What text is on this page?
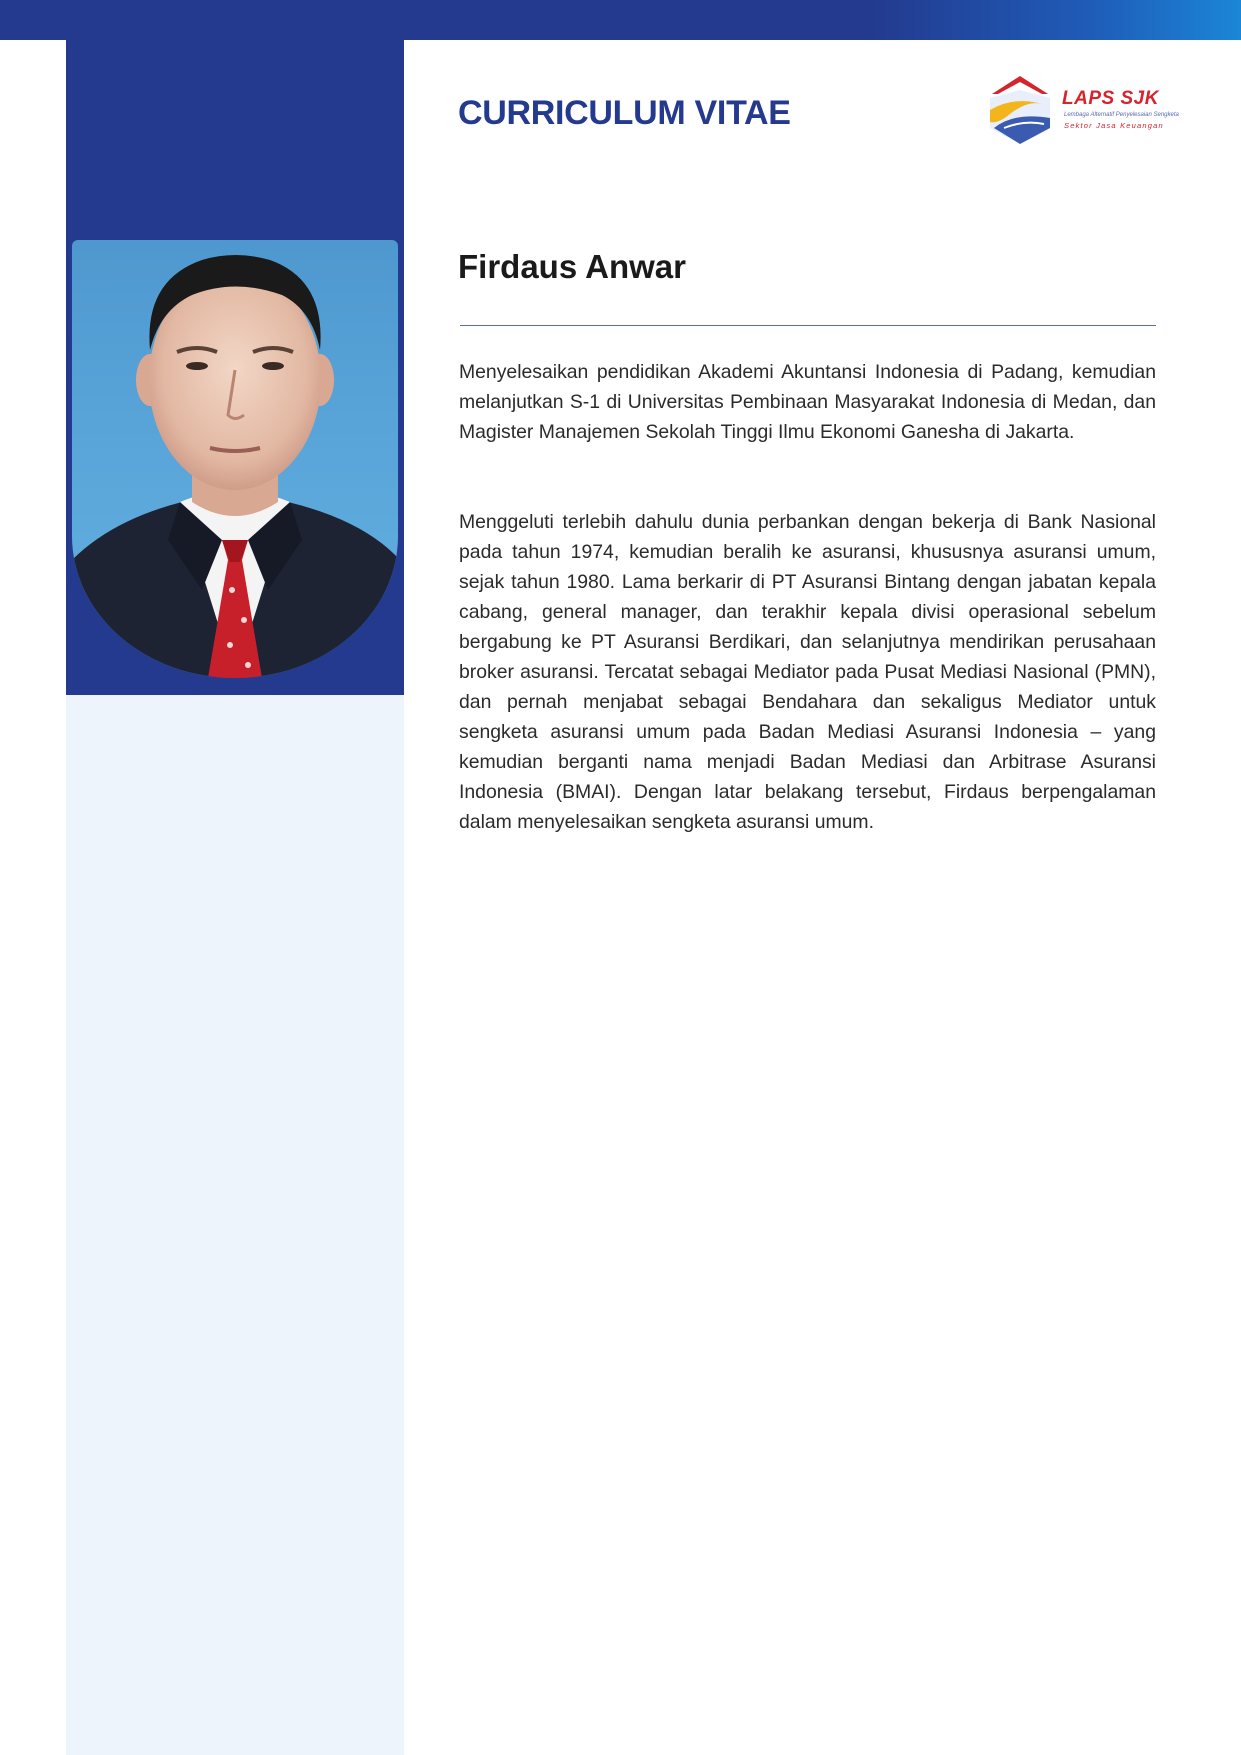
CURRICULUM VITAE	LAPS SJK
Lembaga Alternatif Penyelesaian Sengketa
Sektor Jasa Keuangan
Firdaus Anwar

Menyelesaikan pendidikan Akademi Akuntansi Indonesia di Padang, kemudian melanjutkan S-1 di Universitas Pembinaan Masyarakat Indonesia di Medan, dan Magister Manajemen Sekolah Tinggi Ilmu Ekonomi Ganesha di Jakarta.

Menggeluti terlebih dahulu dunia perbankan dengan bekerja di Bank Nasional pada tahun 1974, kemudian beralih ke asuransi, khususnya asuransi umum, sejak tahun 1980. Lama berkarir di PT Asuransi Bintang dengan jabatan kepala cabang, general manager, dan terakhir kepala divisi operasional sebelum bergabung ke PT Asuransi Berdikari, dan selanjutnya mendirikan perusahaan broker asuransi. Tercatat sebagai Mediator pada Pusat Mediasi Nasional (PMN), dan pernah menjabat sebagai Bendahara dan sekaligus Mediator untuk sengketa asuransi umum pada Badan Mediasi Asuransi Indonesia – yang kemudian berganti nama menjadi Badan Mediasi dan Arbitrase Asuransi Indonesia (BMAI). Dengan latar belakang tersebut, Firdaus berpengalaman dalam menyelesaikan sengketa asuransi umum.
